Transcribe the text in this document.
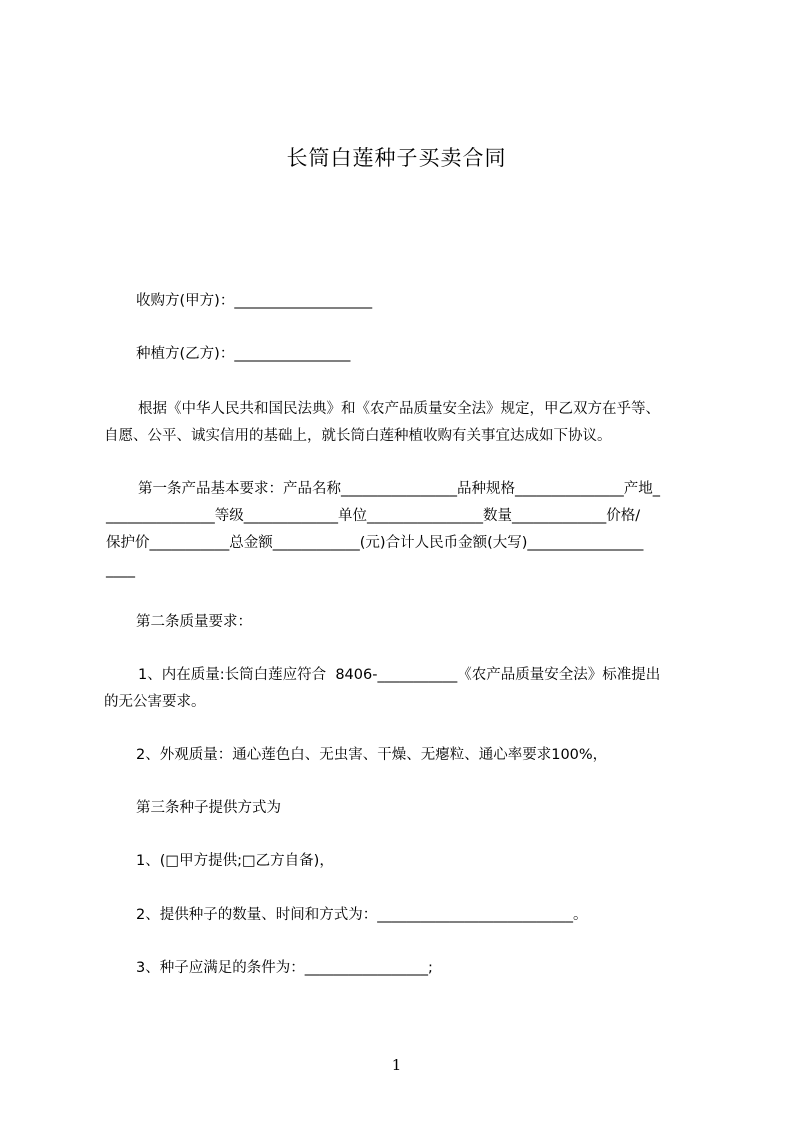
长筒白莲种子买卖合同
收购方(甲方)：___________________
种植方(乙方)：________________
根据《中华人民共和国民法典》和《农产品质量安全法》规定，甲乙双方在乎等、
自愿、公平、诚实信用的基础上，就长筒白莲种植收购有关事宜达成如下协议。
第一条产品基本要求：产品名称________________品种规格_______________产地_
_______________等级_____________单位________________数量_____________价格/
保护价___________总金额____________(元)合计人民币金额(大写)________________
____
第二条质量要求：
1、内在质量:长筒白莲应符合  8406-___________《农产品质量安全法》标准提出
的无公害要求。
2、外观质量：通心莲色白、无虫害、干燥、无瘪粒、通心率要求100%，
第三条种子提供方式为
1、(□甲方提供;□乙方自备)，
2、提供种子的数量、时间和方式为：___________________________。
3、种子应满足的条件为：_________________;
1
